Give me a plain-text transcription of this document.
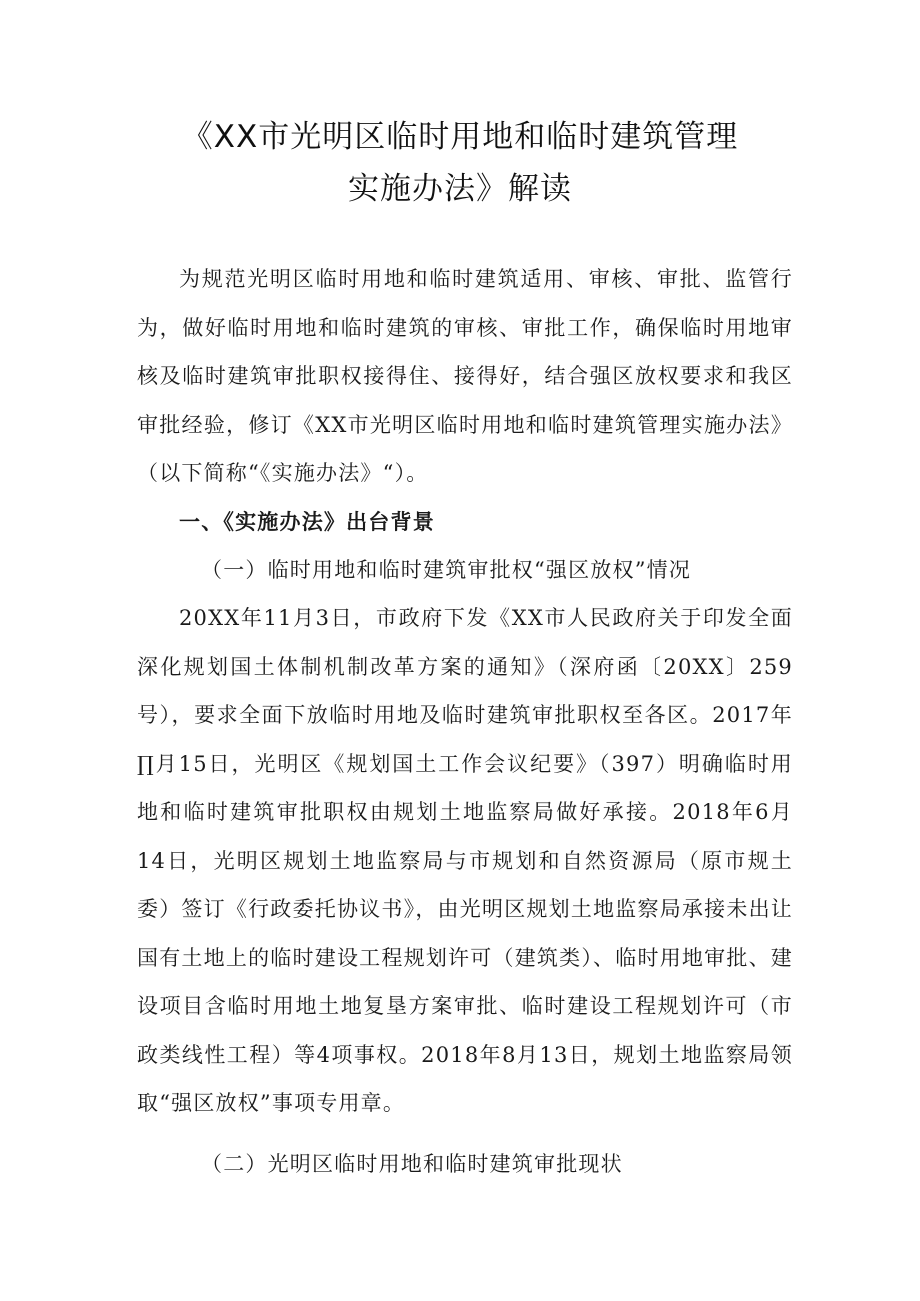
《XX市光明区临时用地和临时建筑管理
实施办法》解读

为规范光明区临时用地和临时建筑适用、审核、审批、监管行为，做好临时用地和临时建筑的审核、审批工作，确保临时用地审核及临时建筑审批职权接得住、接得好，结合强区放权要求和我区审批经验，修订《XX市光明区临时用地和临时建筑管理实施办法》（以下简称“《实施办法》“）。

一、《实施办法》出台背景

（一）临时用地和临时建筑审批权“强区放权”情况

20XX年11月3日，市政府下发《XX市人民政府关于印发全面深化规划国土体制机制改革方案的通知》（深府函〔20XX〕259号），要求全面下放临时用地及临时建筑审批职权至各区。2017年∏月15日，光明区《规划国土工作会议纪要》（397）明确临时用地和临时建筑审批职权由规划土地监察局做好承接。2018年6月14日，光明区规划土地监察局与市规划和自然资源局（原市规土委）签订《行政委托协议书》，由光明区规划土地监察局承接未出让国有土地上的临时建设工程规划许可（建筑类）、临时用地审批、建设项目含临时用地土地复垦方案审批、临时建设工程规划许可（市政类线性工程）等4项事权。2018年8月13日，规划土地监察局领取“强区放权”事项专用章。

（二）光明区临时用地和临时建筑审批现状
